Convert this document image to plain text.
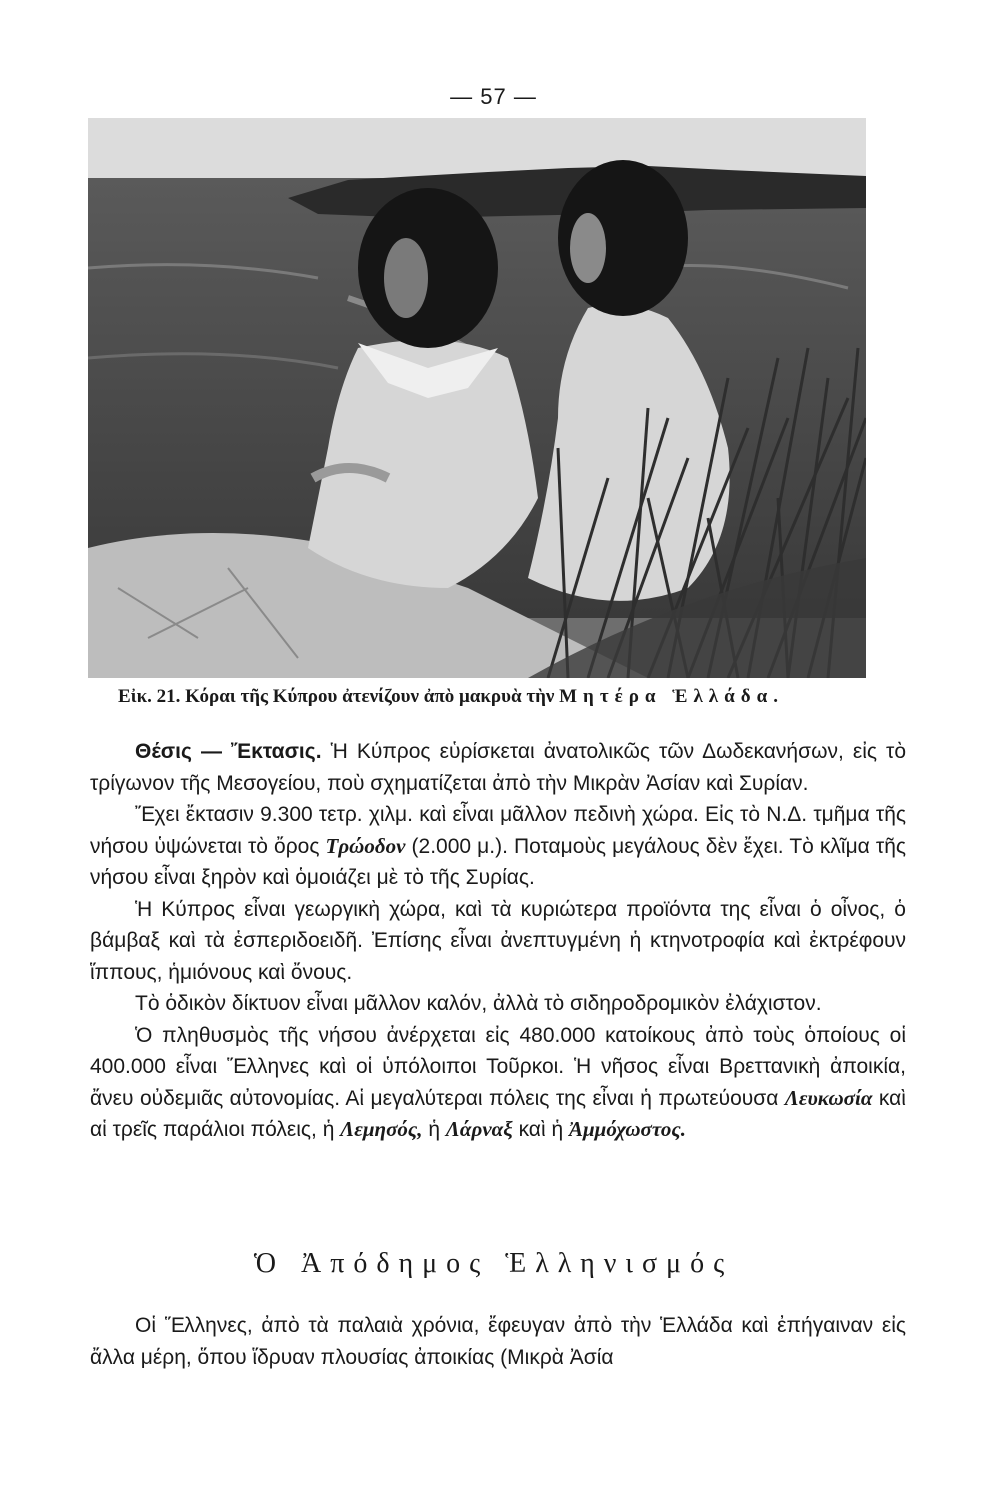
— 57 —
Εἰκ. 21. Κόραι τῆς Κύπρου ἀτενίζουν ἀπὸ μακρυὰ τὴν Μητέρα Ἑλλάδα.

Θέσις — Ἔκτασις. Ἡ Κύπρος εὑρίσκεται ἀνατολικῶς τῶν Δωδεκανήσων, εἰς τὸ τρίγωνον τῆς Μεσογείου, ποὺ σχηματίζεται ἀπὸ τὴν Μικρὰν Ἀσίαν καὶ Συρίαν.

Ἔχει ἔκτασιν 9.300 τετρ. χιλμ. καὶ εἶναι μᾶλλον πεδινὴ χώρα. Εἰς τὸ Ν.Δ. τμῆμα τῆς νήσου ὑψώνεται τὸ ὄρος Τρώοδον (2.000 μ.). Ποταμοὺς μεγάλους δὲν ἔχει. Τὸ κλῖμα τῆς νήσου εἶναι ξηρὸν καὶ ὁμοιάζει μὲ τὸ τῆς Συρίας.

Ἡ Κύπρος εἶναι γεωργικὴ χώρα, καὶ τὰ κυριώτερα προϊόντα της εἶναι ὁ οἶνος, ὁ βάμβαξ καὶ τὰ ἑσπεριδοειδῆ. Ἐπίσης εἶναι ἀνεπτυγμένη ἡ κτηνοτροφία καὶ ἐκτρέφουν ἵππους, ἡμιόνους καὶ ὄνους.

Τὸ ὁδικὸν δίκτυον εἶναι μᾶλλον καλόν, ἀλλὰ τὸ σιδηροδρομικὸν ἐλάχιστον.

Ὁ πληθυσμὸς τῆς νήσου ἀνέρχεται εἰς 480.000 κατοίκους ἀπὸ τοὺς ὁποίους οἱ 400.000 εἶναι Ἕλληνες καὶ οἱ ὑπόλοιποι Τοῦρκοι. Ἡ νῆσος εἶναι Βρεττανικὴ ἀποικία, ἄνευ οὐδεμιᾶς αὐτονομίας. Αἱ μεγαλύτεραι πόλεις της εἶναι ἡ πρωτεύουσα Λευκωσία καὶ αἱ τρεῖς παράλιοι πόλεις, ἡ Λεμησός, ἡ Λάρναξ καὶ ἡ Ἀμμόχωστος.

Ὁ Ἀπόδημος Ἑλληνισμός

Οἱ Ἕλληνες, ἀπὸ τὰ παλαιὰ χρόνια, ἔφευγαν ἀπὸ τὴν Ἑλλάδα καὶ ἐπήγαιναν εἰς ἄλλα μέρη, ὅπου ἵδρυαν πλουσίας ἀποικίας (Μικρὰ Ἀσία
